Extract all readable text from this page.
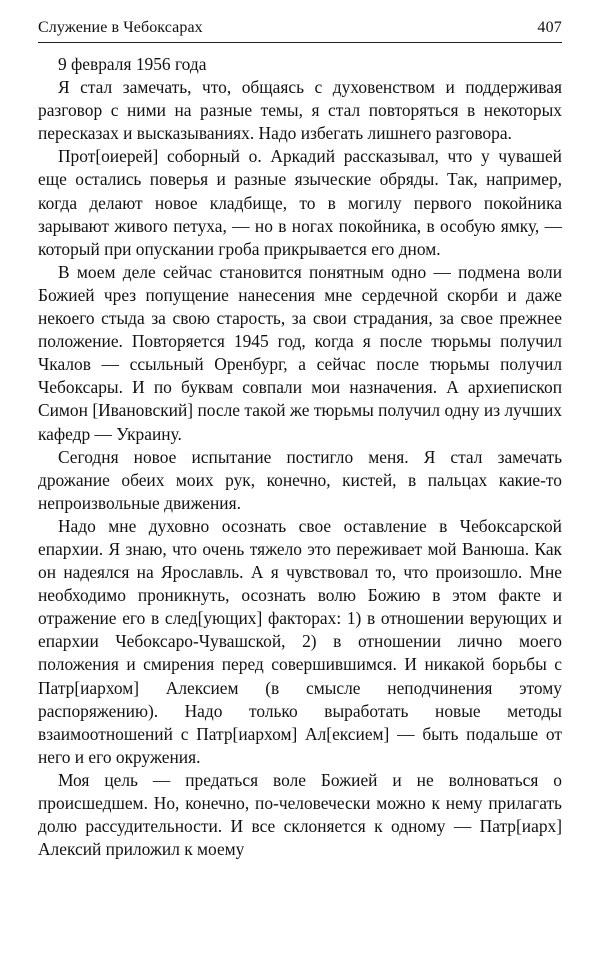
Служение в Чебоксарах	407

9 февраля 1956 года

Я стал замечать, что, общаясь с духовенством и поддерживая разговор с ними на разные темы, я стал повторяться в некоторых пересказах и высказываниях. Надо избегать лишнего разговора.

Прот[оиерей] соборный о. Аркадий рассказывал, что у чувашей еще остались поверья и разные языческие обряды. Так, например, когда делают новое кладбище, то в могилу первого покойника зарывают живого петуха, — но в ногах покойника, в особую ямку, — который при опускании гроба прикрывается его дном.

В моем деле сейчас становится понятным одно — подмена воли Божией чрез попущение нанесения мне сердечной скорби и даже некоего стыда за свою старость, за свои страдания, за свое прежнее положение. Повторяется 1945 год, когда я после тюрьмы получил Чкалов — ссыльный Оренбург, а сейчас после тюрьмы получил Чебоксары. И по буквам совпали мои назначения. А архиепископ Симон [Ивановский] после такой же тюрьмы получил одну из лучших кафедр — Украину.

Сегодня новое испытание постигло меня. Я стал замечать дрожание обеих моих рук, конечно, кистей, в пальцах какие-то непроизвольные движения.

Надо мне духовно осознать свое оставление в Чебоксарской епархии. Я знаю, что очень тяжело это переживает мой Ванюша. Как он надеялся на Ярославль. А я чувствовал то, что произошло. Мне необходимо проникнуть, осознать волю Божию в этом факте и отражение его в след[ующих] факторах: 1) в отношении верующих и епархии Чебоксаро-Чувашской, 2) в отношении лично моего положения и смирения перед совершившимся. И никакой борьбы с Патр[иархом] Алексием (в смысле неподчинения этому распоряжению). Надо только выработать новые методы взаимоотношений с Патр[иархом] Ал[ексием] — быть подальше от него и его окружения.

Моя цель — предаться воле Божией и не волноваться о происшедшем. Но, конечно, по-человечески можно к нему прилагать долю рассудительности. И все склоняется к одному — Патр[иарх] Алексий приложил к моему
